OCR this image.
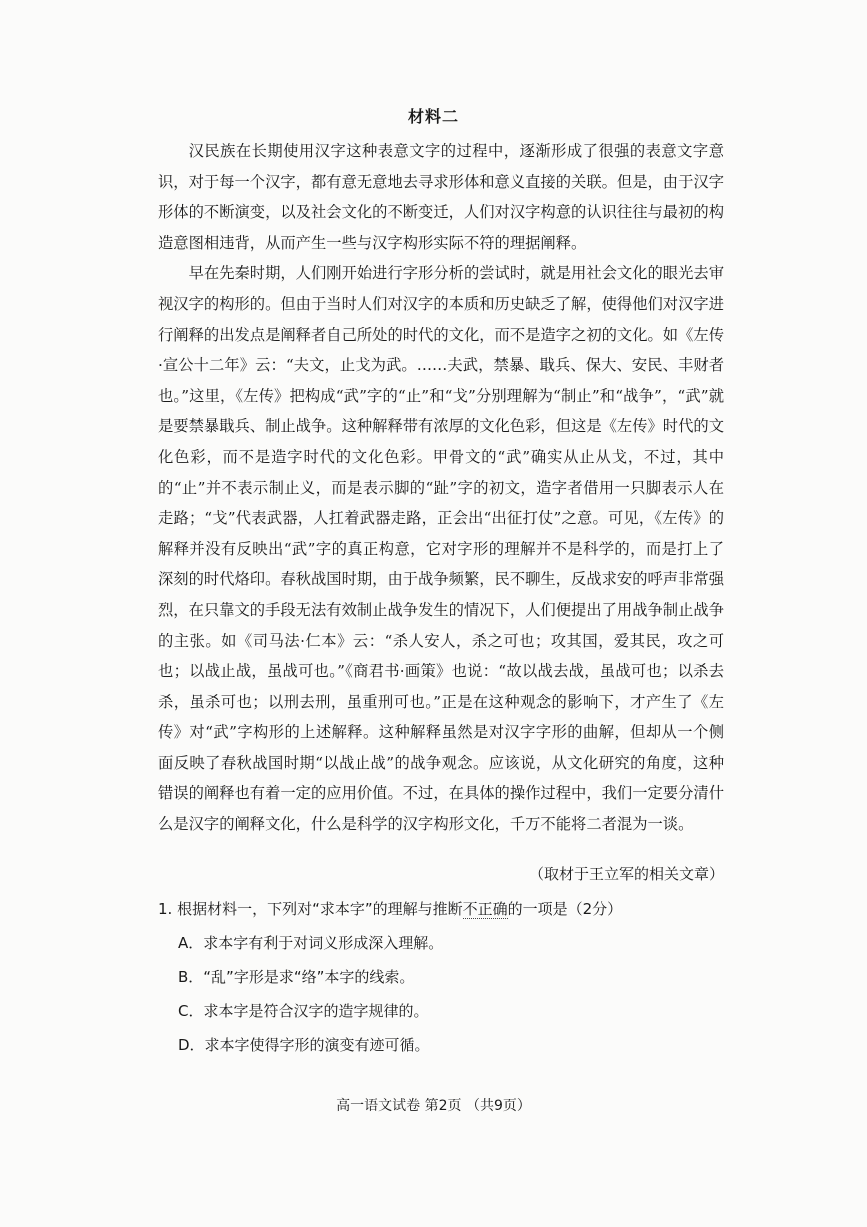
材料二

汉民族在长期使用汉字这种表意文字的过程中，逐渐形成了很强的表意文字意识，对于每一个汉字，都有意无意地去寻求形体和意义直接的关联。但是，由于汉字形体的不断演变，以及社会文化的不断变迁，人们对汉字构意的认识往往与最初的构造意图相违背，从而产生一些与汉字构形实际不符的理据阐释。

早在先秦时期，人们刚开始进行字形分析的尝试时，就是用社会文化的眼光去审视汉字的构形的。但由于当时人们对汉字的本质和历史缺乏了解，使得他们对汉字进行阐释的出发点是阐释者自己所处的时代的文化，而不是造字之初的文化。如《左传·宣公十二年》云：“夫文，止戈为武。……夫武，禁暴、戢兵、保大、安民、丰财者也。”这里，《左传》把构成“武”字的“止”和“戈”分别理解为“制止”和“战争”，“武”就是要禁暴戢兵、制止战争。这种解释带有浓厚的文化色彩，但这是《左传》时代的文化色彩，而不是造字时代的文化色彩。甲骨文的“武”确实从止从戈，不过，其中的“止”并不表示制止义，而是表示脚的“趾”字的初文，造字者借用一只脚表示人在走路；“戈”代表武器，人扛着武器走路，正会出“出征打仗”之意。可见，《左传》的解释并没有反映出“武”字的真正构意，它对字形的理解并不是科学的，而是打上了深刻的时代烙印。春秋战国时期，由于战争频繁，民不聊生，反战求安的呼声非常强烈，在只靠文的手段无法有效制止战争发生的情况下，人们便提出了用战争制止战争的主张。如《司马法·仁本》云：“杀人安人，杀之可也；攻其国，爱其民，攻之可也；以战止战，虽战可也。”《商君书·画策》也说：“故以战去战，虽战可也；以杀去杀，虽杀可也；以刑去刑，虽重刑可也。”正是在这种观念的影响下，才产生了《左传》对“武”字构形的上述解释。这种解释虽然是对汉字字形的曲解，但却从一个侧面反映了春秋战国时期“以战止战”的战争观念。应该说，从文化研究的角度，这种错误的阐释也有着一定的应用价值。不过，在具体的操作过程中，我们一定要分清什么是汉字的阐释文化，什么是科学的汉字构形文化，千万不能将二者混为一谈。

（取材于王立军的相关文章）

1. 根据材料一，下列对“求本字”的理解与推断不正确的一项是（2分）

A．求本字有利于对词义形成深入理解。
B．“乱”字形是求“络”本字的线索。
C．求本字是符合汉字的造字规律的。
D．求本字使得字形的演变有迹可循。
高一语文试卷 第2页 （共9页）
